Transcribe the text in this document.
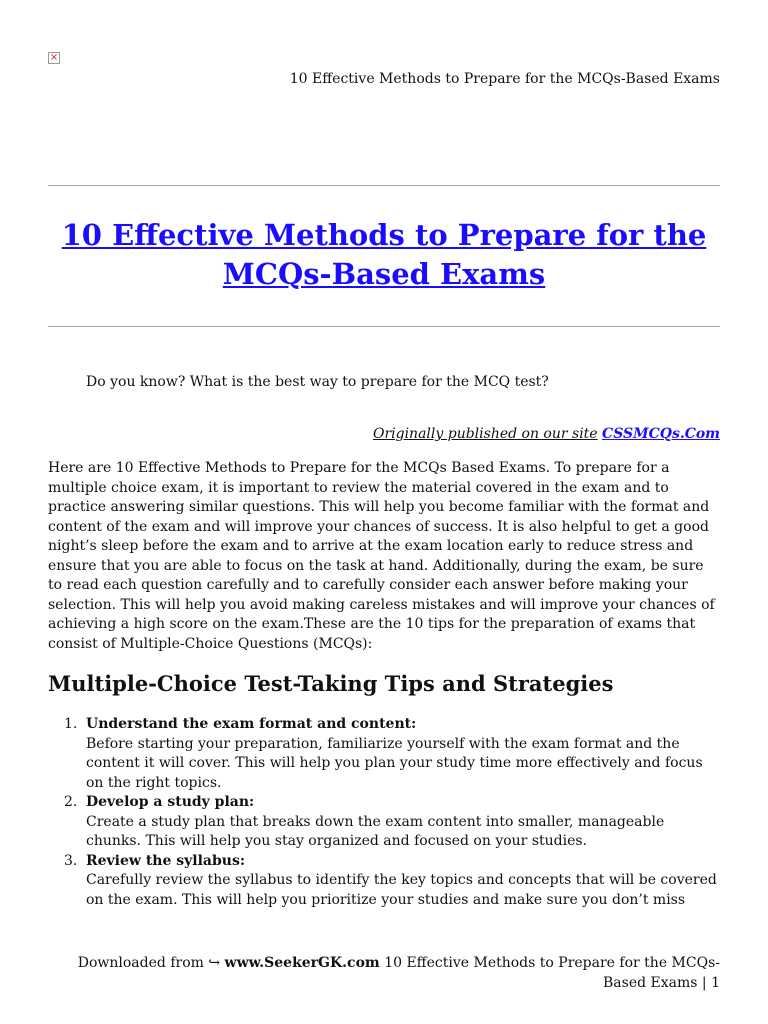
×
10 Effective Methods to Prepare for the MCQs-Based Exams
10 Effective Methods to Prepare for the
MCQs-Based Exams

Do you know? What is the best way to prepare for the MCQ test?

Originally published on our site CSSMCQs.Com

Here are 10 Effective Methods to Prepare for the MCQs Based Exams. To prepare for a multiple choice exam, it is important to review the material covered in the exam and to practice answering similar questions. This will help you become familiar with the format and content of the exam and will improve your chances of success. It is also helpful to get a good night’s sleep before the exam and to arrive at the exam location early to reduce stress and ensure that you are able to focus on the task at hand. Additionally, during the exam, be sure to read each question carefully and to carefully consider each answer before making your selection. This will help you avoid making careless mistakes and will improve your chances of achieving a high score on the exam.These are the 10 tips for the preparation of exams that consist of Multiple-Choice Questions (MCQs):

Multiple-Choice Test-Taking Tips and Strategies
1. Understand the exam format and content:
Before starting your preparation, familiarize yourself with the exam format and the content it will cover. This will help you plan your study time more effectively and focus on the right topics.
2. Develop a study plan:
Create a study plan that breaks down the exam content into smaller, manageable chunks. This will help you stay organized and focused on your studies.
3. Review the syllabus:
Carefully review the syllabus to identify the key topics and concepts that will be covered on the exam. This will help you prioritize your studies and make sure you don’t miss

Downloaded from ↪ www.SeekerGK.com 10 Effective Methods to Prepare for the MCQs-
Based Exams | 1
